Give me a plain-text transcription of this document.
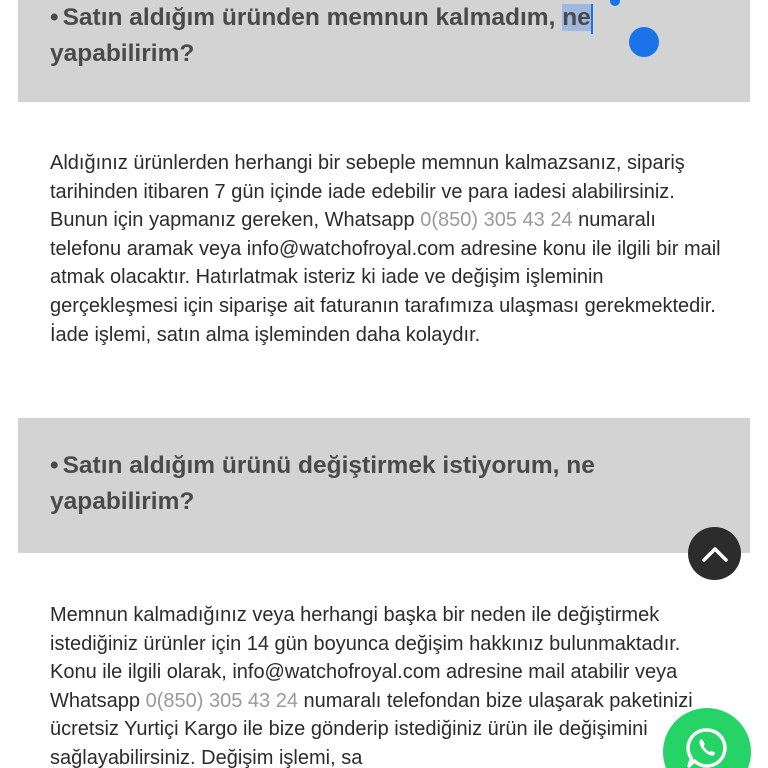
• Satın aldığım üründen memnun kalmadım, ne

yapabilirim?

Aldığınız ürünlerden herhangi bir sebeple memnun kalmazsanız, sipariş tarihinden itibaren 7 gün içinde iade edebilir ve para iadesi alabilirsiniz. Bunun için yapmanız gereken, Whatsapp 0(850) 305 43 24 numaralı telefonu aramak veya info@watchofroyal.com adresine konu ile ilgili bir mail atmak olacaktır. Hatırlatmak isteriz ki iade ve değişim işleminin gerçekleşmesi için siparişe ait faturanın tarafımıza ulaşması gerekmektedir. İade işlemi, satın alma işleminden daha kolaydır.

• Satın aldığım ürünü değiştirmek istiyorum, ne yapabilirim?

Memnun kalmadığınız veya herhangi başka bir neden ile değiştirmek istediğiniz ürünler için 14 gün boyunca değişim hakkınız bulunmaktadır. Konu ile ilgili olarak, info@watchofroyal.com adresine mail atabilir veya Whatsapp 0(850) 305 43 24 numaralı telefondan bize ulaşarak paketinizi ücretsiz Yurtiçi Kargo ile bize gönderip istediğiniz ürün ile değişimini sağlayabilirsiniz. Değişim işlemi, sa
